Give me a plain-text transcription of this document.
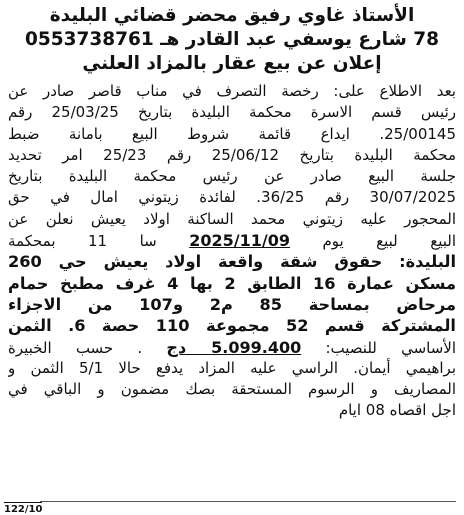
الأستاذ غاوي رفيق محضر قضائي البليدة
78 شارع يوسفي عبد القادر هـ 0553738761
إعلان عن بيع عقار بالمزاد العلني
بعد الاطلاع على: رخصة التصرف في مناب قاصر صادر عن
رئيس قسم الاسرة محكمة البليدة بتاريخ 25/03/25 رقم
25/00145. ايداع قائمة شروط البيع بامانة ضبط
محكمة البليدة بتاريخ 25/06/12 رقم 25/23 امر تحديد
جلسة البيع صادر عن رئيس محكمة البليدة بتاريخ
30/07/2025 رقم 36/25. لفائدة زيتوني امال في حق
المحجور عليه زيتوني محمد الساكنة اولاد يعيش نعلن عن
البيع لبيع يوم 2025/11/09 سا 11 بمحكمة
البليدة: حقوق شقة واقعة اولاد يعيش حي 260
مسكن عمارة 16 الطابق 2 بها 4 غرف مطبخ حمام
مرحاض بمساحة 85 م2 و107 من الاجزاء
المشتركة قسم 52 مجموعة 110 حصة 6. الثمن
الأساسي للنصيب: 5.099.400 دج . حسب الخبيرة
براهيمي أيمان. الراسي عليه المزاد يدفع حالا 5/1 الثمن و
المصاريف و الرسوم المستحقة بصك مضمون و الباقي في
اجل اقصاه 08 ايام
122/10
